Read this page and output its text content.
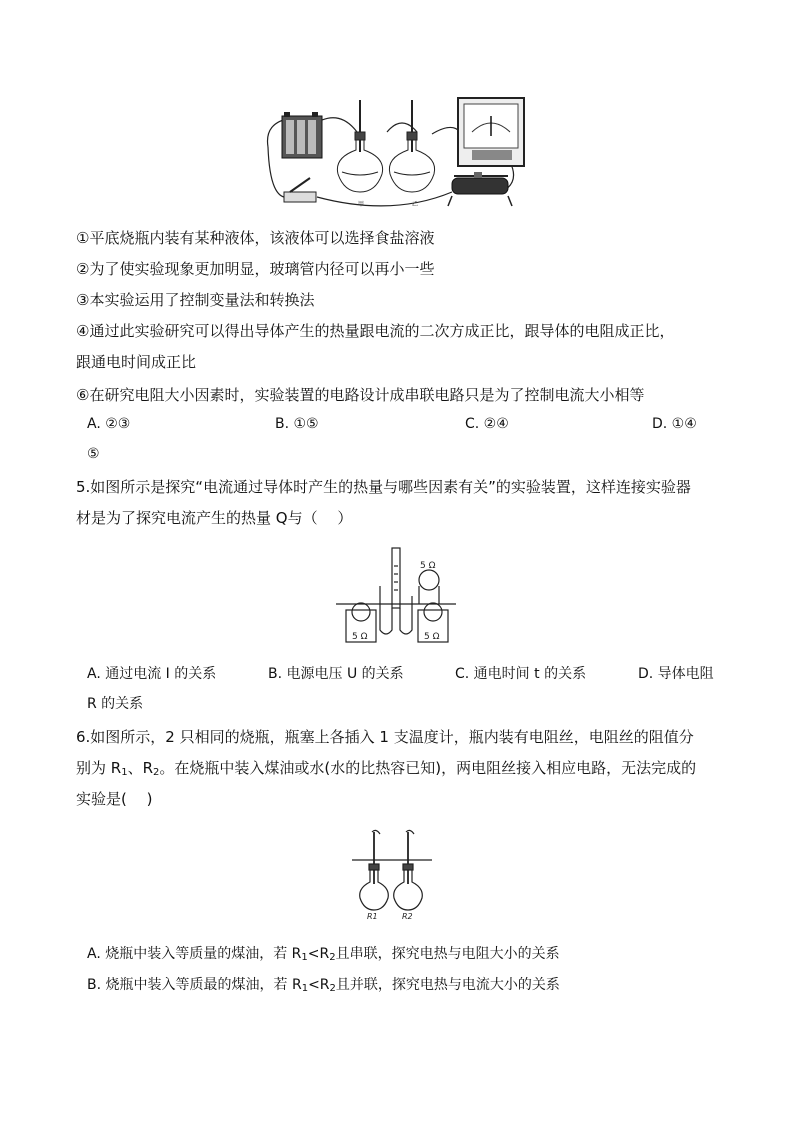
甲	乙
①平底烧瓶内装有某种液体，该液体可以选择食盐溶液
②为了使实验现象更加明显，玻璃管内径可以再小一些
③本实验运用了控制变量法和转换法
④通过此实验研究可以得出导体产生的热量跟电流的二次方成正比，跟导体的电阻成正比，
跟通电时间成正比
⑥在研究电阻大小因素时，实验装置的电路设计成串联电路只是为了控制电流大小相等
A. ②③	B. ①⑤	C. ②④	D. ①④
⑤
5.如图所示是探究“电流通过导体时产生的热量与哪些因素有关”的实验装置，这样连接实验器
材是为了探究电流产生的热量 Q与（　 ）
5 Ω
5 Ω	5 Ω
A. 通过电流 I 的关系	B. 电源电压 U 的关系	C. 通电时间 t 的关系	D. 导体电阻
R 的关系
6.如图所示，2 只相同的烧瓶，瓶塞上各插入 1 支温度计，瓶内装有电阻丝，电阻丝的阻值分
别为 $R_1$、$R_2$。在烧瓶中装入煤油或水(水的比热容已知)，两电阻丝接入相应电路，无法完成的
实验是(　 )
R1	R2
A. 烧瓶中装入等质量的煤油，若 $R_1<R_2$且串联，探究电热与电阻大小的关系
B. 烧瓶中装入等质最的煤油，若 $R_1<R_2$且并联，探究电热与电流大小的关系
